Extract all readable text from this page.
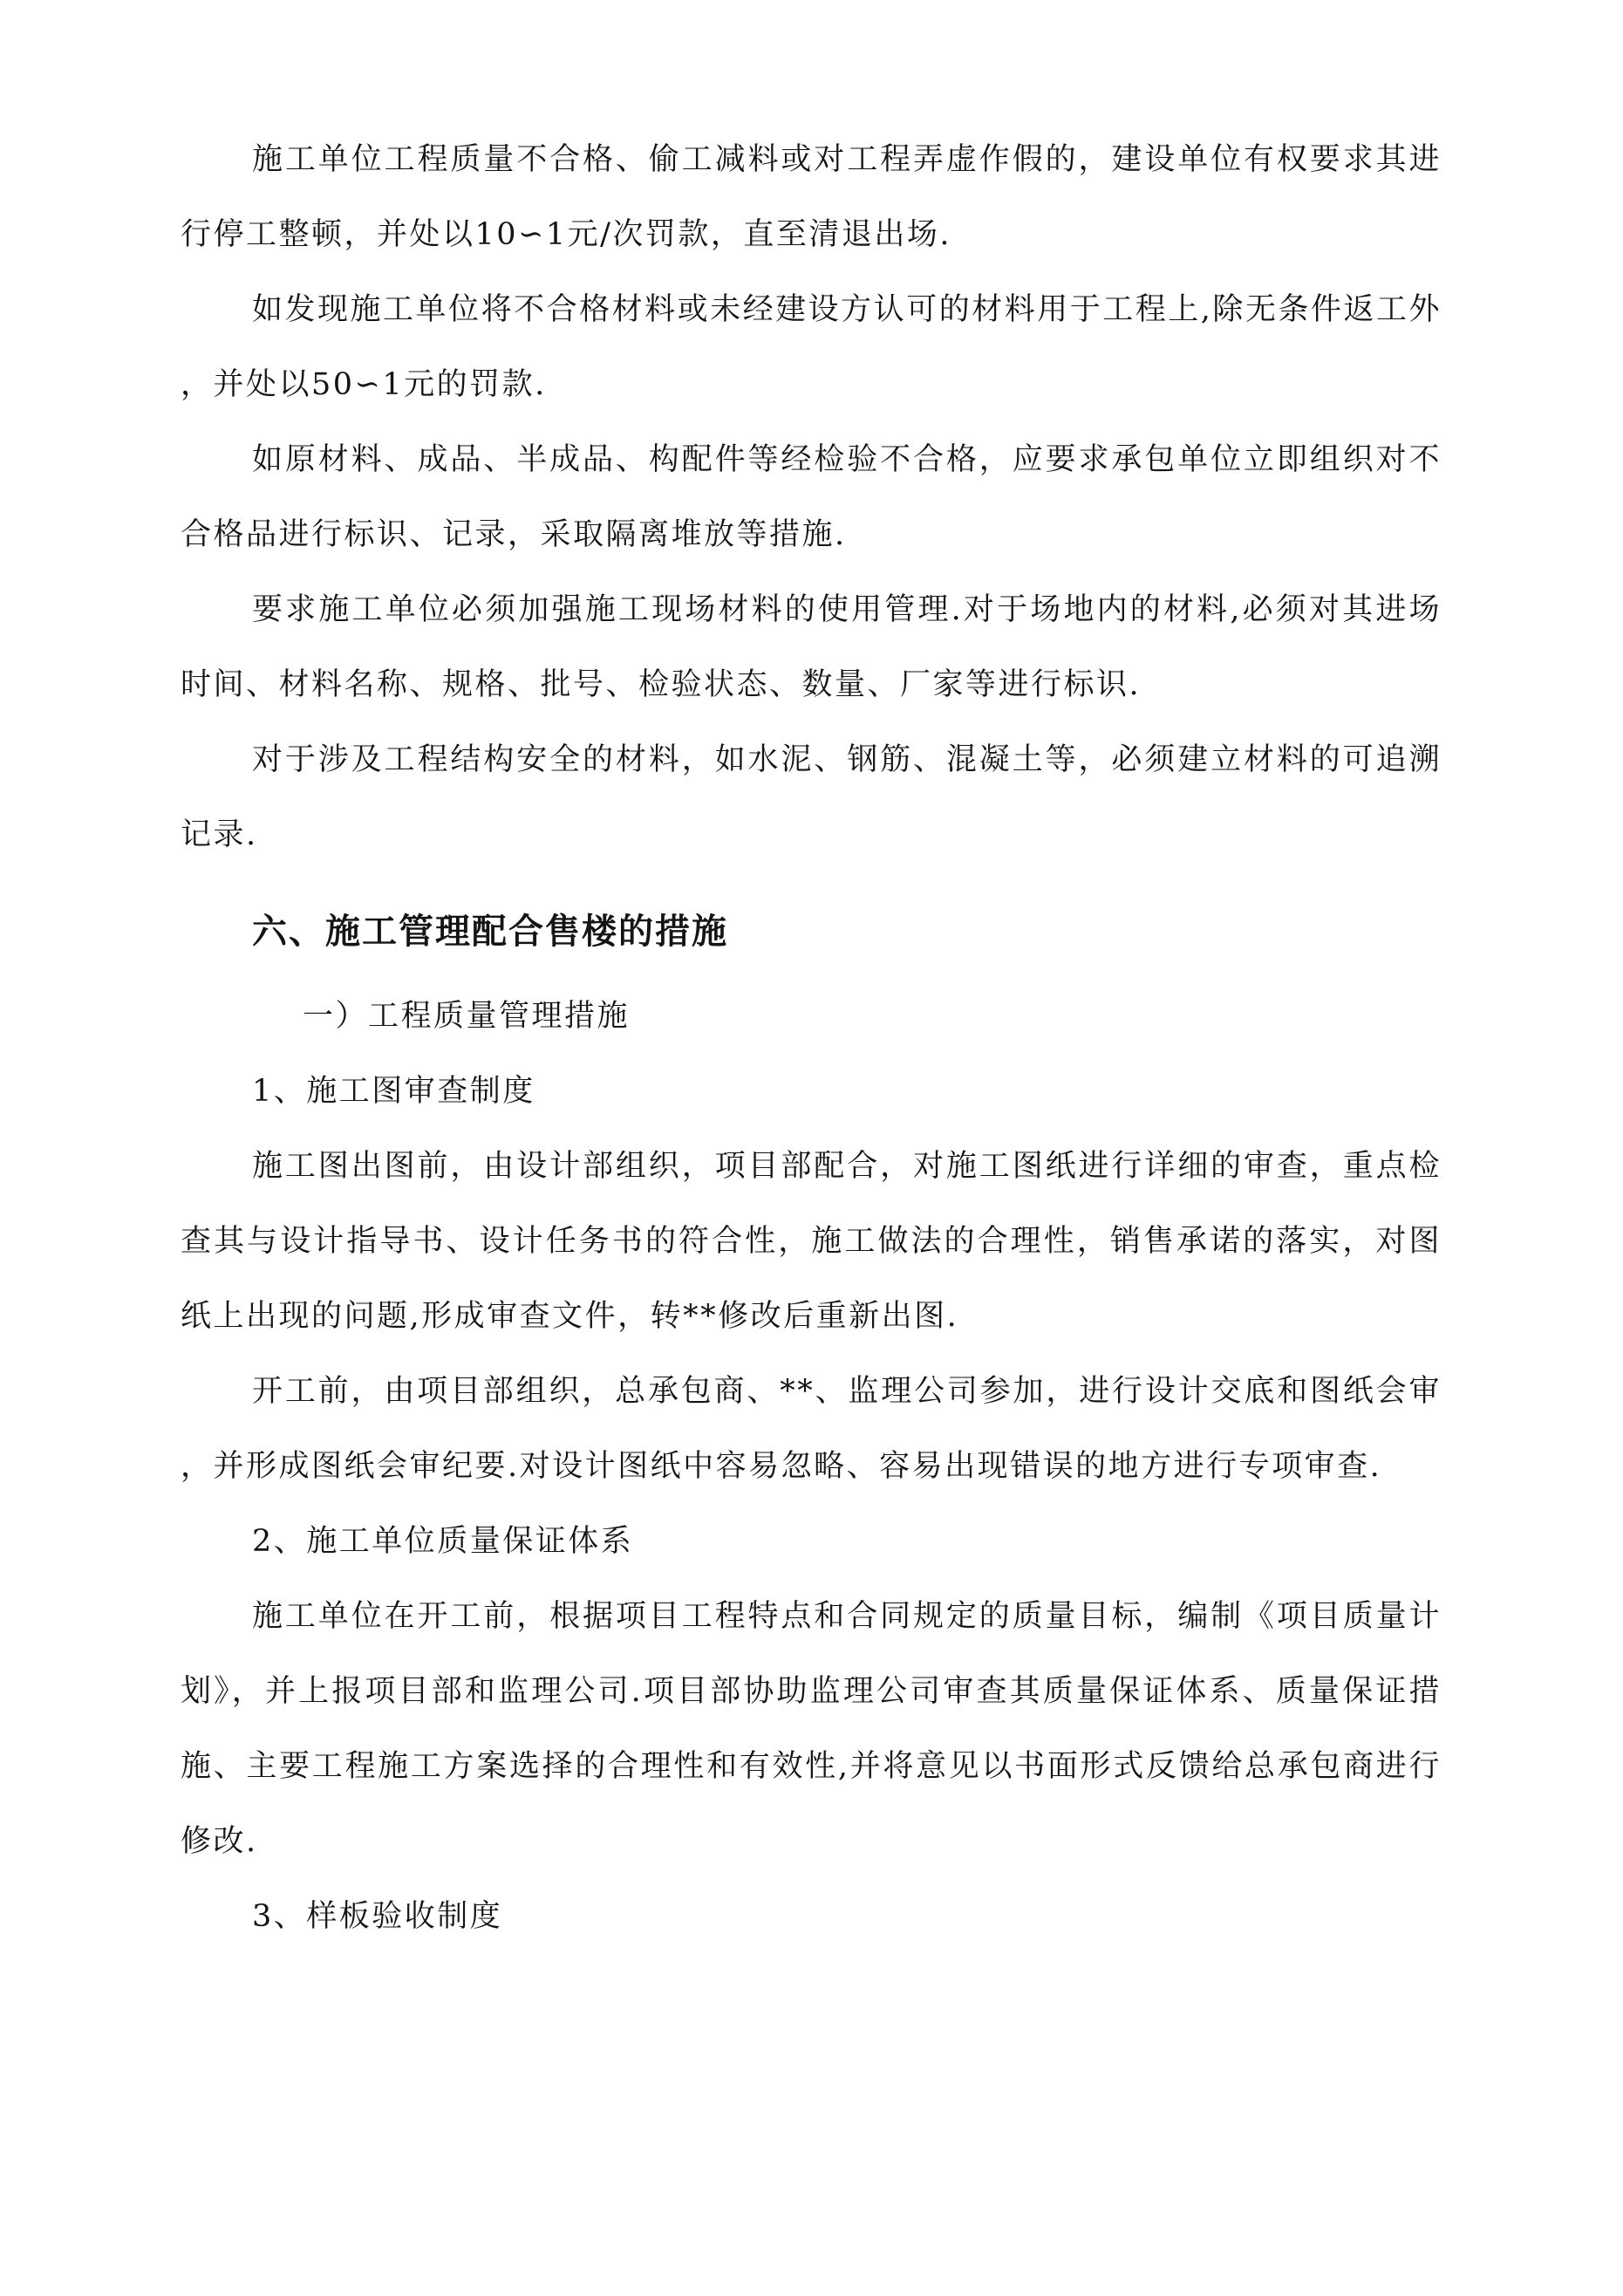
施工单位工程质量不合格、偷工减料或对工程弄虚作假的，建设单位有权要求其进行停工整顿，并处以10∽1元/次罚款，直至清退出场.

如发现施工单位将不合格材料或未经建设方认可的材料用于工程上,除无条件返工外，并处以50∽1元的罚款.

如原材料、成品、半成品、构配件等经检验不合格，应要求承包单位立即组织对不合格品进行标识、记录，采取隔离堆放等措施.

要求施工单位必须加强施工现场材料的使用管理.对于场地内的材料,必须对其进场时间、材料名称、规格、批号、检验状态、数量、厂家等进行标识.

对于涉及工程结构安全的材料，如水泥、钢筋、混凝土等，必须建立材料的可追溯记录.

六、施工管理配合售楼的措施

一）工程质量管理措施

1、施工图审查制度

施工图出图前，由设计部组织，项目部配合，对施工图纸进行详细的审查，重点检查其与设计指导书、设计任务书的符合性，施工做法的合理性，销售承诺的落实，对图纸上出现的问题,形成审查文件，转**修改后重新出图.

开工前，由项目部组织，总承包商、**、监理公司参加，进行设计交底和图纸会审，并形成图纸会审纪要.对设计图纸中容易忽略、容易出现错误的地方进行专项审查.

2、施工单位质量保证体系

施工单位在开工前，根据项目工程特点和合同规定的质量目标，编制《项目质量计划》，并上报项目部和监理公司.项目部协助监理公司审查其质量保证体系、质量保证措施、主要工程施工方案选择的合理性和有效性,并将意见以书面形式反馈给总承包商进行修改.

3、样板验收制度
